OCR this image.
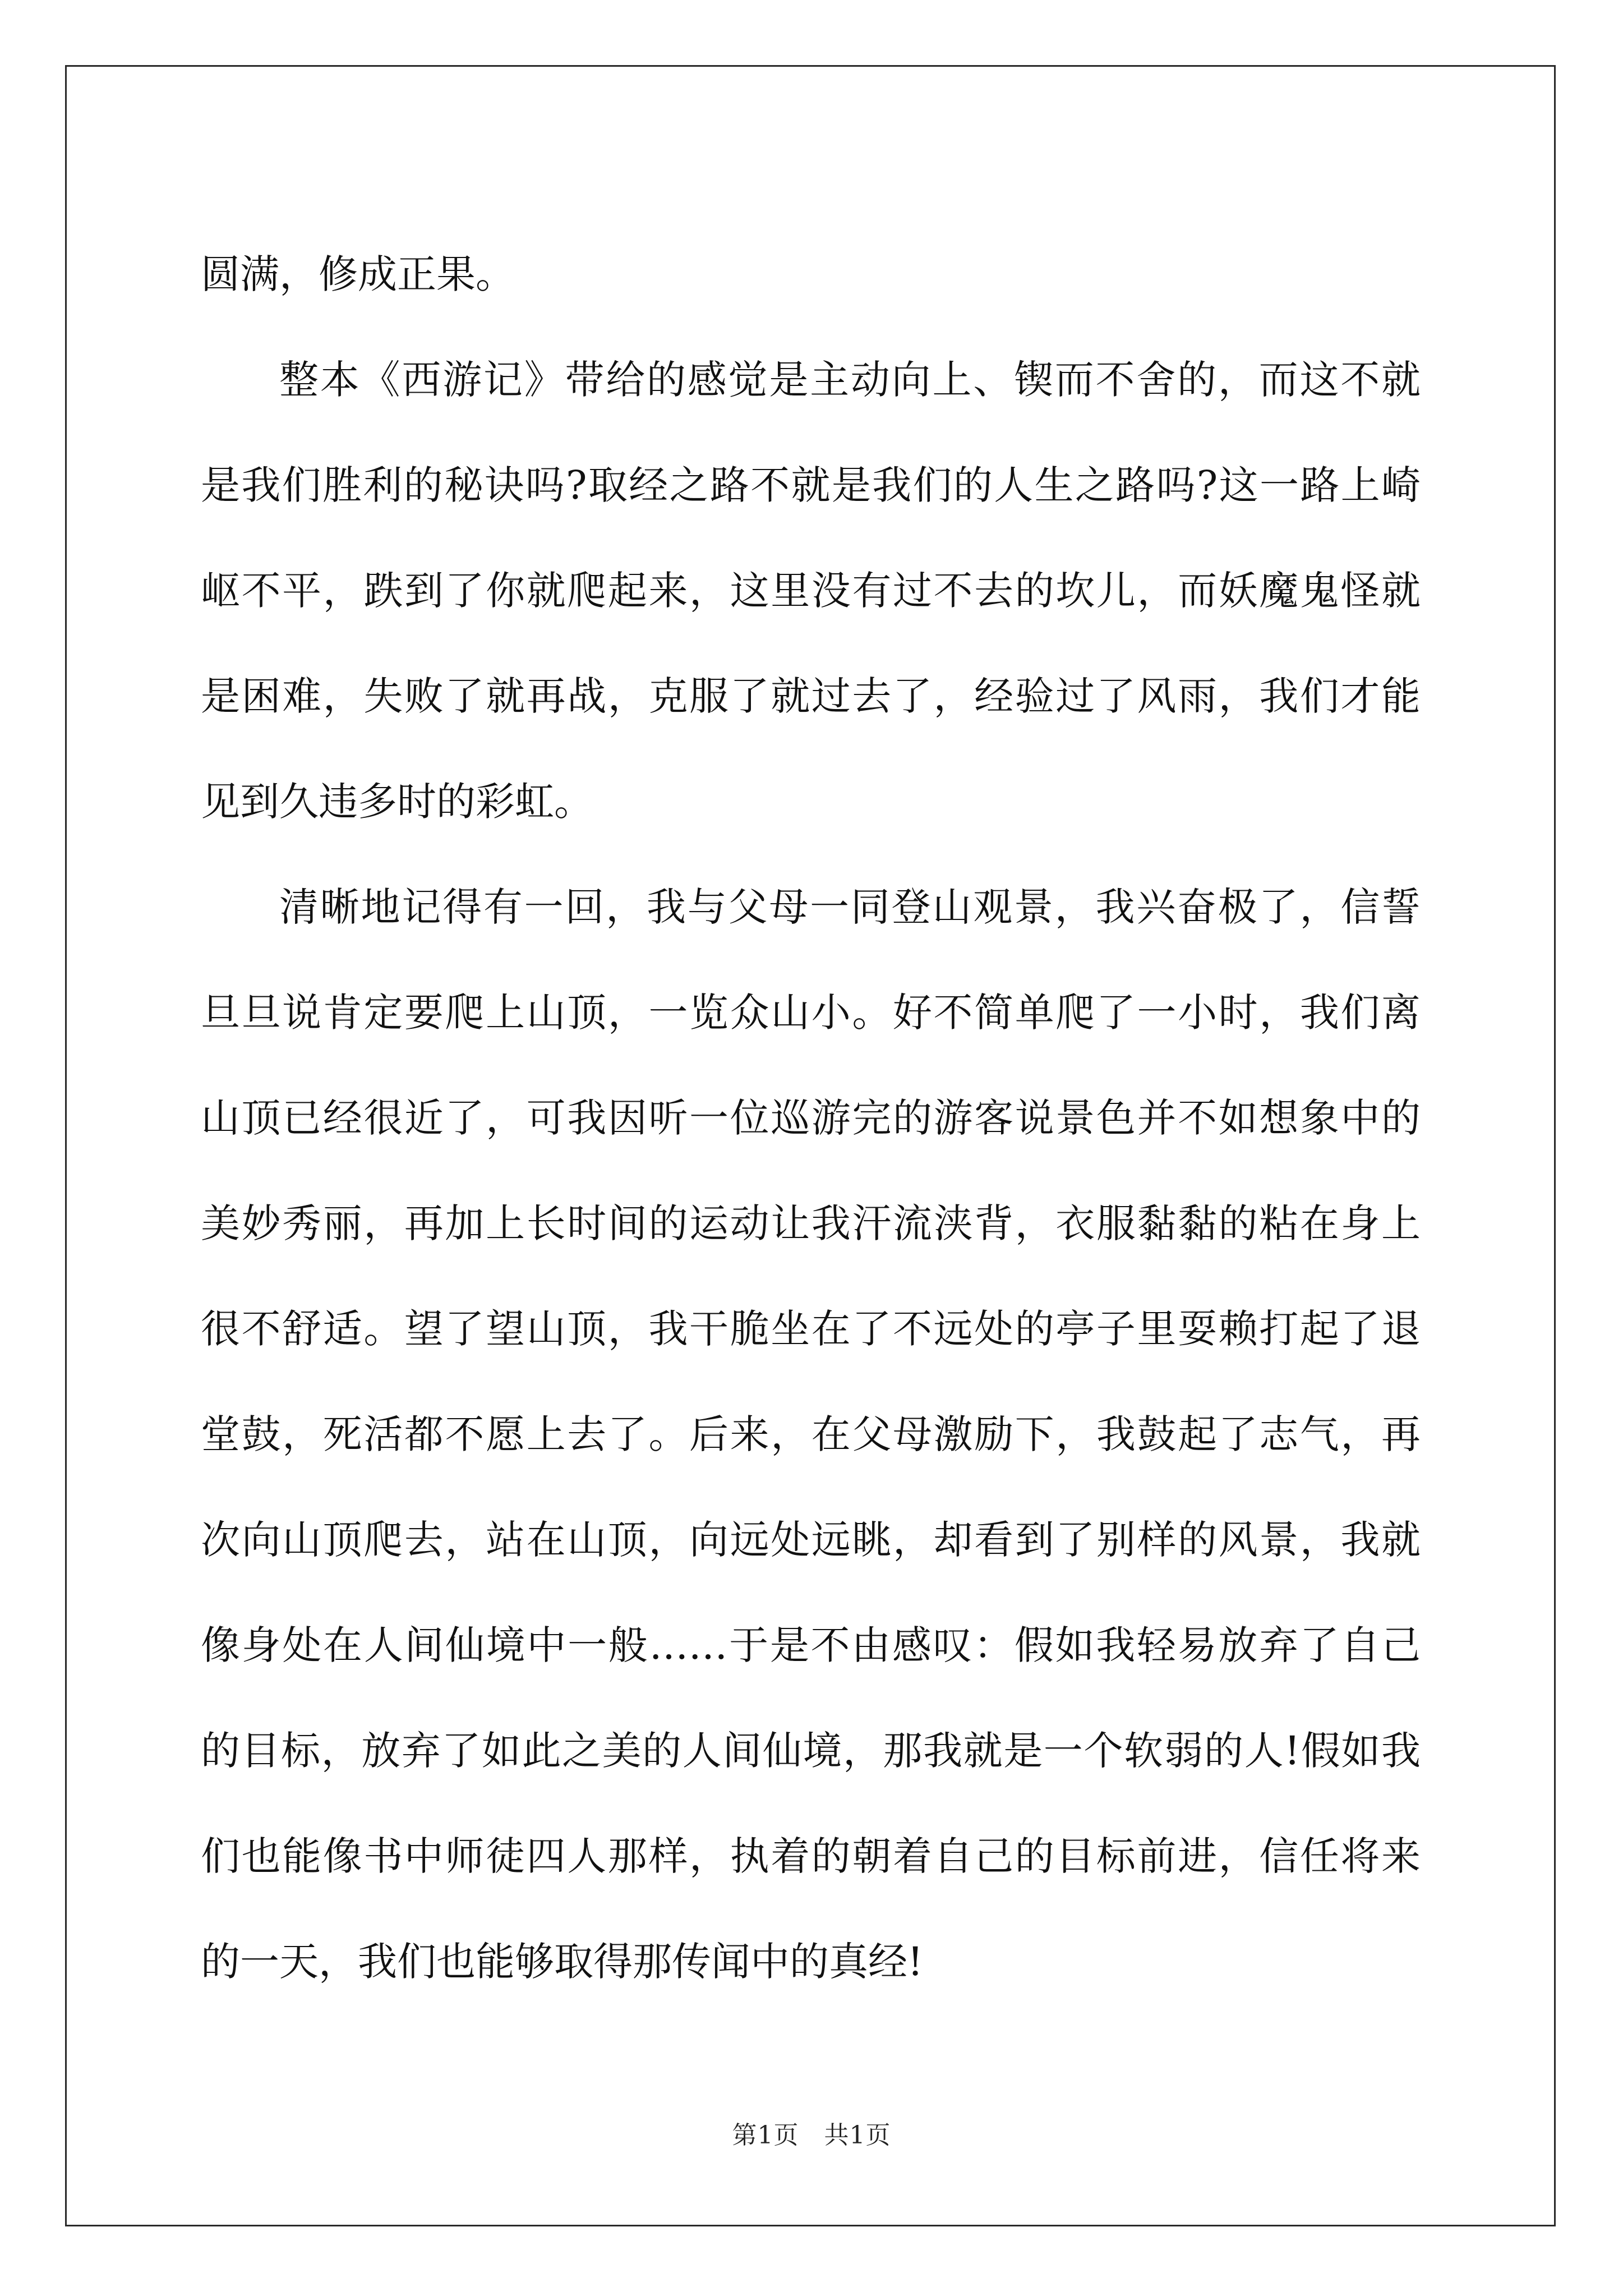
圆满，修成正果。
整本《西游记》带给的感觉是主动向上、锲而不舍的，而这不就
是我们胜利的秘诀吗?取经之路不就是我们的人生之路吗?这一路上崎
岖不平，跌到了你就爬起来，这里没有过不去的坎儿，而妖魔鬼怪就
是困难，失败了就再战，克服了就过去了，经验过了风雨，我们才能
见到久违多时的彩虹。
清晰地记得有一回，我与父母一同登山观景，我兴奋极了，信誓
旦旦说肯定要爬上山顶，一览众山小。好不简单爬了一小时，我们离
山顶已经很近了，可我因听一位巡游完的游客说景色并不如想象中的
美妙秀丽，再加上长时间的运动让我汗流浃背，衣服黏黏的粘在身上
很不舒适。望了望山顶，我干脆坐在了不远处的亭子里耍赖打起了退
堂鼓，死活都不愿上去了。后来，在父母激励下，我鼓起了志气，再
次向山顶爬去，站在山顶，向远处远眺，却看到了别样的风景，我就
像身处在人间仙境中一般……于是不由感叹：假如我轻易放弃了自己
的目标，放弃了如此之美的人间仙境，那我就是一个软弱的人!假如我
们也能像书中师徒四人那样，执着的朝着自己的目标前进，信任将来
的一天，我们也能够取得那传闻中的真经!
第1页　共1页
